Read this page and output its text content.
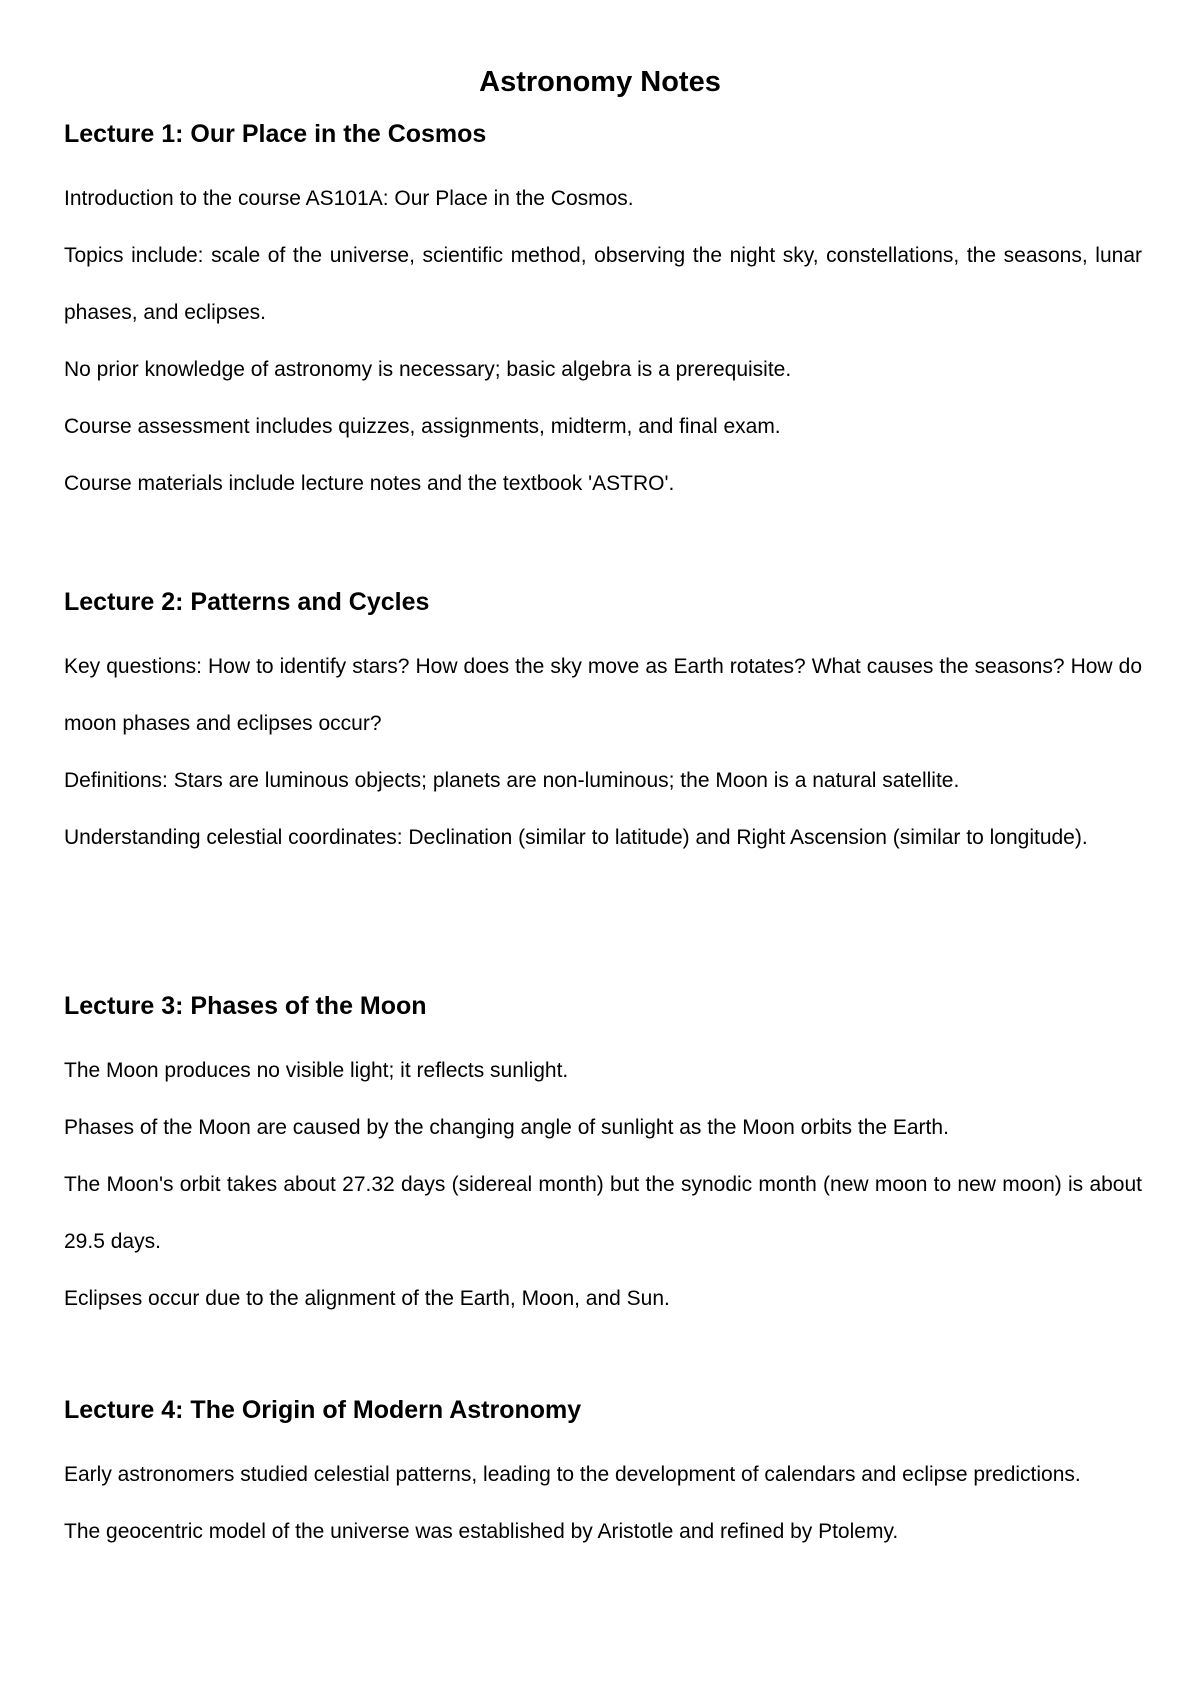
Astronomy Notes
Lecture 1: Our Place in the Cosmos

Introduction to the course AS101A: Our Place in the Cosmos.

Topics include: scale of the universe, scientific method, observing the night sky, constellations, the seasons, lunar phases, and eclipses.

No prior knowledge of astronomy is necessary; basic algebra is a prerequisite.

Course assessment includes quizzes, assignments, midterm, and final exam.

Course materials include lecture notes and the textbook 'ASTRO'.

Lecture 2: Patterns and Cycles

Key questions: How to identify stars? How does the sky move as Earth rotates? What causes the seasons? How do moon phases and eclipses occur?

Definitions: Stars are luminous objects; planets are non-luminous; the Moon is a natural satellite.

Understanding celestial coordinates: Declination (similar to latitude) and Right Ascension (similar to longitude).

Lecture 3: Phases of the Moon

The Moon produces no visible light; it reflects sunlight.

Phases of the Moon are caused by the changing angle of sunlight as the Moon orbits the Earth.

The Moon's orbit takes about 27.32 days (sidereal month) but the synodic month (new moon to new moon) is about 29.5 days.

Eclipses occur due to the alignment of the Earth, Moon, and Sun.

Lecture 4: The Origin of Modern Astronomy

Early astronomers studied celestial patterns, leading to the development of calendars and eclipse predictions.

The geocentric model of the universe was established by Aristotle and refined by Ptolemy.
